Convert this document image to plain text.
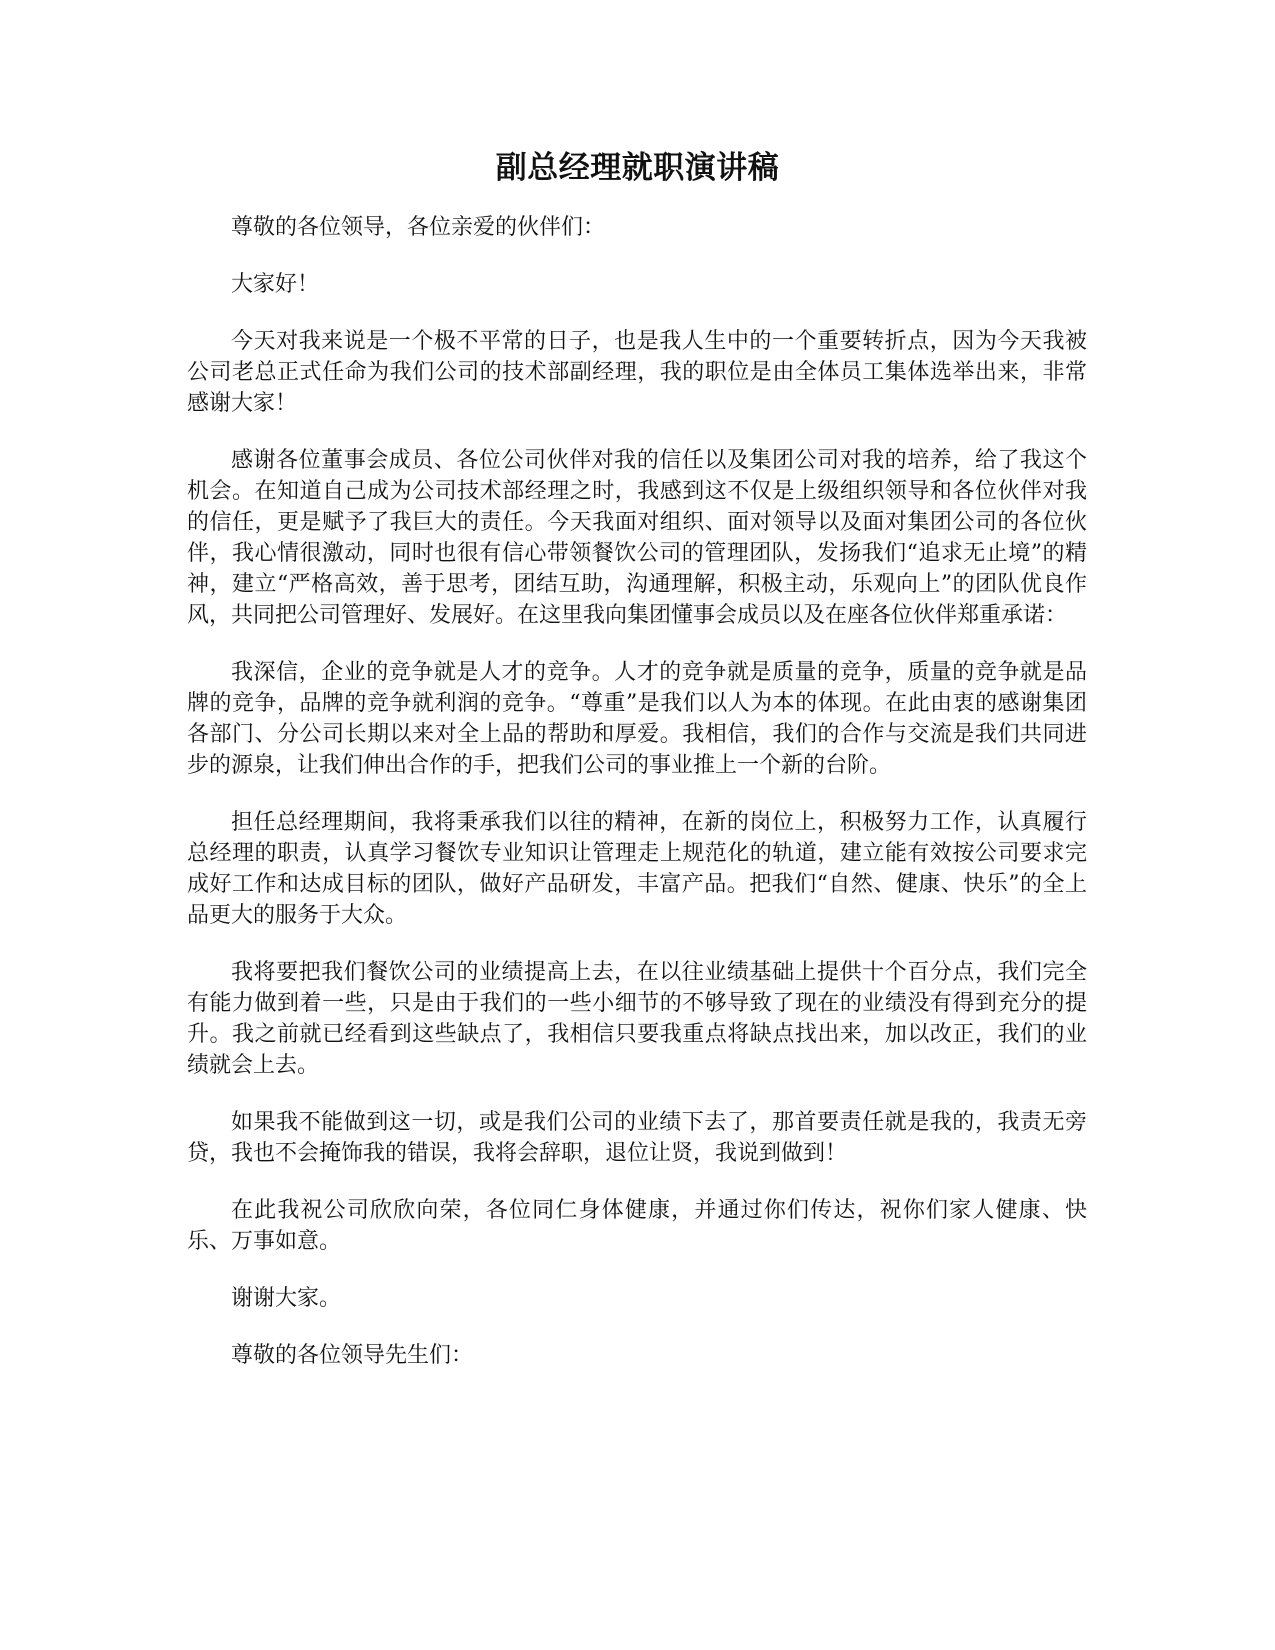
副总经理就职演讲稿

尊敬的各位领导，各位亲爱的伙伴们：

大家好！

今天对我来说是一个极不平常的日子，也是我人生中的一个重要转折点，因为今天我被公司老总正式任命为我们公司的技术部副经理，我的职位是由全体员工集体选举出来，非常感谢大家！

感谢各位董事会成员、各位公司伙伴对我的信任以及集团公司对我的培养，给了我这个机会。在知道自己成为公司技术部经理之时，我感到这不仅是上级组织领导和各位伙伴对我的信任，更是赋予了我巨大的责任。今天我面对组织、面对领导以及面对集团公司的各位伙伴，我心情很激动，同时也很有信心带领餐饮公司的管理团队，发扬我们“追求无止境”的精神，建立“严格高效，善于思考，团结互助，沟通理解，积极主动，乐观向上”的团队优良作风，共同把公司管理好、发展好。在这里我向集团懂事会成员以及在座各位伙伴郑重承诺：

我深信，企业的竞争就是人才的竞争。人才的竞争就是质量的竞争，质量的竞争就是品牌的竞争，品牌的竞争就利润的竞争。“尊重”是我们以人为本的体现。在此由衷的感谢集团各部门、分公司长期以来对全上品的帮助和厚爱。我相信，我们的合作与交流是我们共同进步的源泉，让我们伸出合作的手，把我们公司的事业推上一个新的台阶。

担任总经理期间，我将秉承我们以往的精神，在新的岗位上，积极努力工作，认真履行总经理的职责，认真学习餐饮专业知识让管理走上规范化的轨道，建立能有效按公司要求完成好工作和达成目标的团队，做好产品研发，丰富产品。把我们“自然、健康、快乐”的全上品更大的服务于大众。

我将要把我们餐饮公司的业绩提高上去，在以往业绩基础上提供十个百分点，我们完全有能力做到着一些，只是由于我们的一些小细节的不够导致了现在的业绩没有得到充分的提升。我之前就已经看到这些缺点了，我相信只要我重点将缺点找出来，加以改正，我们的业绩就会上去。

如果我不能做到这一切，或是我们公司的业绩下去了，那首要责任就是我的，我责无旁贷，我也不会掩饰我的错误，我将会辞职，退位让贤，我说到做到！

在此我祝公司欣欣向荣，各位同仁身体健康，并通过你们传达，祝你们家人健康、快乐、万事如意。

谢谢大家。

尊敬的各位领导先生们：
